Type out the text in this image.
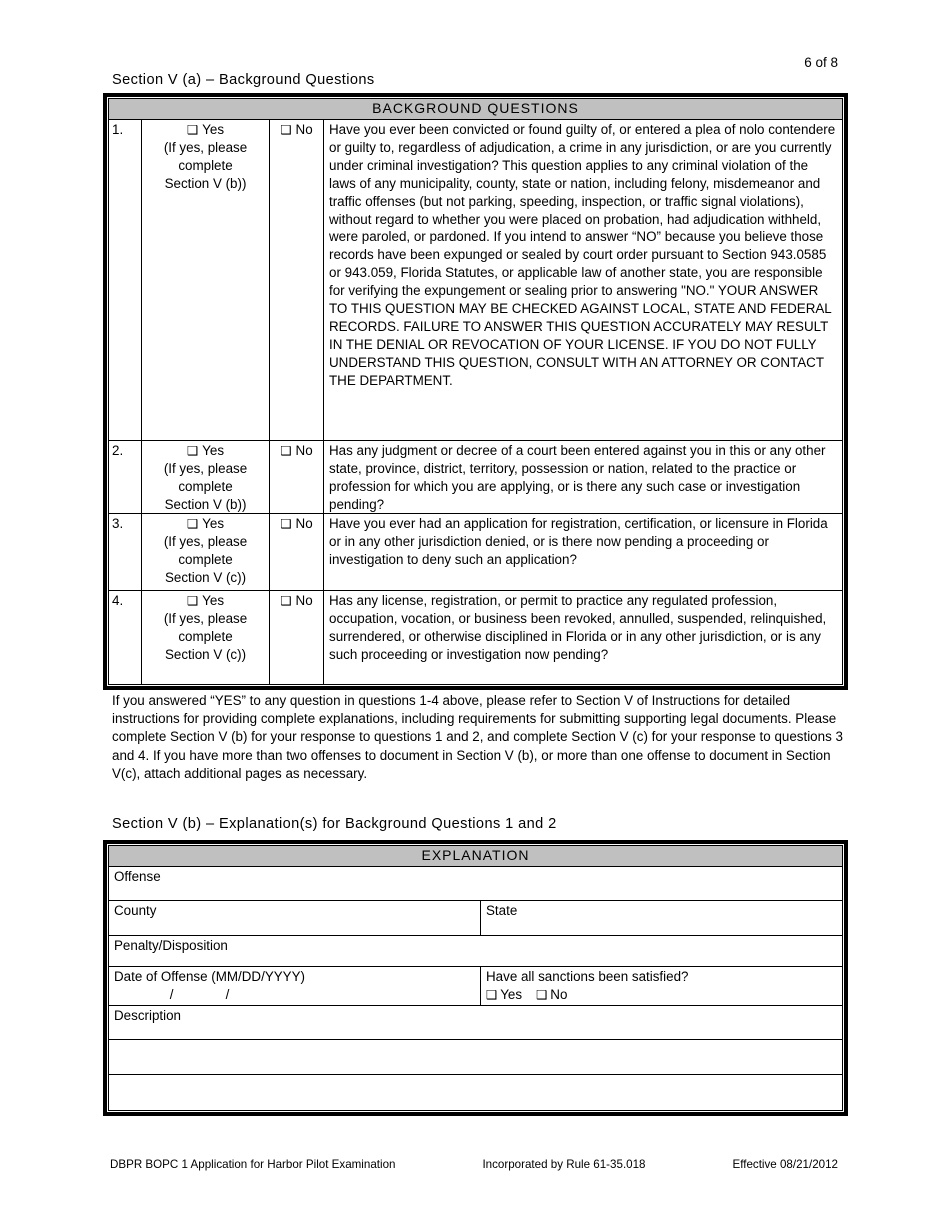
6 of 8
Section V (a) – Background Questions
BACKGROUND QUESTIONS			
1.	❑ Yes
(If yes, please
complete
Section V (b))
	❑ No	Have you ever been convicted or found guilty of, or entered a plea of nolo contendere or guilty to, regardless of adjudication, a crime in any jurisdiction, or are you currently under criminal investigation? This question applies to any criminal violation of the laws of any municipality, county, state or nation, including felony, misdemeanor and traffic offenses (but not parking, speeding, inspection, or traffic signal violations), without regard to whether you were placed on probation, had adjudication withheld, were paroled, or pardoned. If you intend to answer “NO” because you believe those records have been expunged or sealed by court order pursuant to Section 943.0585 or 943.059, Florida Statutes, or applicable law of another state, you are responsible for verifying the expungement or sealing prior to answering "NO." YOUR ANSWER TO THIS QUESTION MAY BE CHECKED AGAINST LOCAL, STATE AND FEDERAL RECORDS. FAILURE TO ANSWER THIS QUESTION ACCURATELY MAY RESULT IN THE DENIAL OR REVOCATION OF YOUR LICENSE. IF YOU DO NOT FULLY UNDERSTAND THIS QUESTION, CONSULT WITH AN ATTORNEY OR CONTACT THE DEPARTMENT.

2.	❑ Yes
(If yes, please
complete
Section V (b))
	❑ No	Has any judgment or decree of a court been entered against you in this or any other state, province, district, territory, possession or nation, related to the practice or profession for which you are applying, or is there any such case or investigation pending?

3.	❑ Yes
(If yes, please
complete
Section V (c))
	❑ No	Have you ever had an application for registration, certification, or licensure in Florida or in any other jurisdiction denied, or is there now pending a proceeding or investigation to deny such an application?

4.	❑ Yes
(If yes, please
complete
Section V (c))
	❑ No	Has any license, registration, or permit to practice any regulated profession, occupation, vocation, or business been revoked, annulled, suspended, relinquished, surrendered, or otherwise disciplined in Florida or in any other jurisdiction, or is any such proceeding or investigation now pending?
If you answered “YES” to any question in questions 1-4 above, please refer to Section V of Instructions for detailed instructions for providing complete explanations, including requirements for submitting supporting legal documents. Please complete Section V (b) for your response to questions 1 and 2, and complete Section V (c) for your response to questions 3 and 4. If you have more than two offenses to document in Section V (b), or more than one offense to document in Section V(c), attach additional pages as necessary.
Section V (b) – Explanation(s) for Background Questions 1 and 2
EXPLANATION	
Offense	
County	State
Penalty/Disposition	

Date of Offense (MM/DD/YYYY)
/              /

Have all sanctions been satisfied?
❑ Yes ❑ No

Description	

DBPR BOPC 1 Application for Harbor Pilot Examination	Incorporated by Rule 61-35.018	Effective 08/21/2012
